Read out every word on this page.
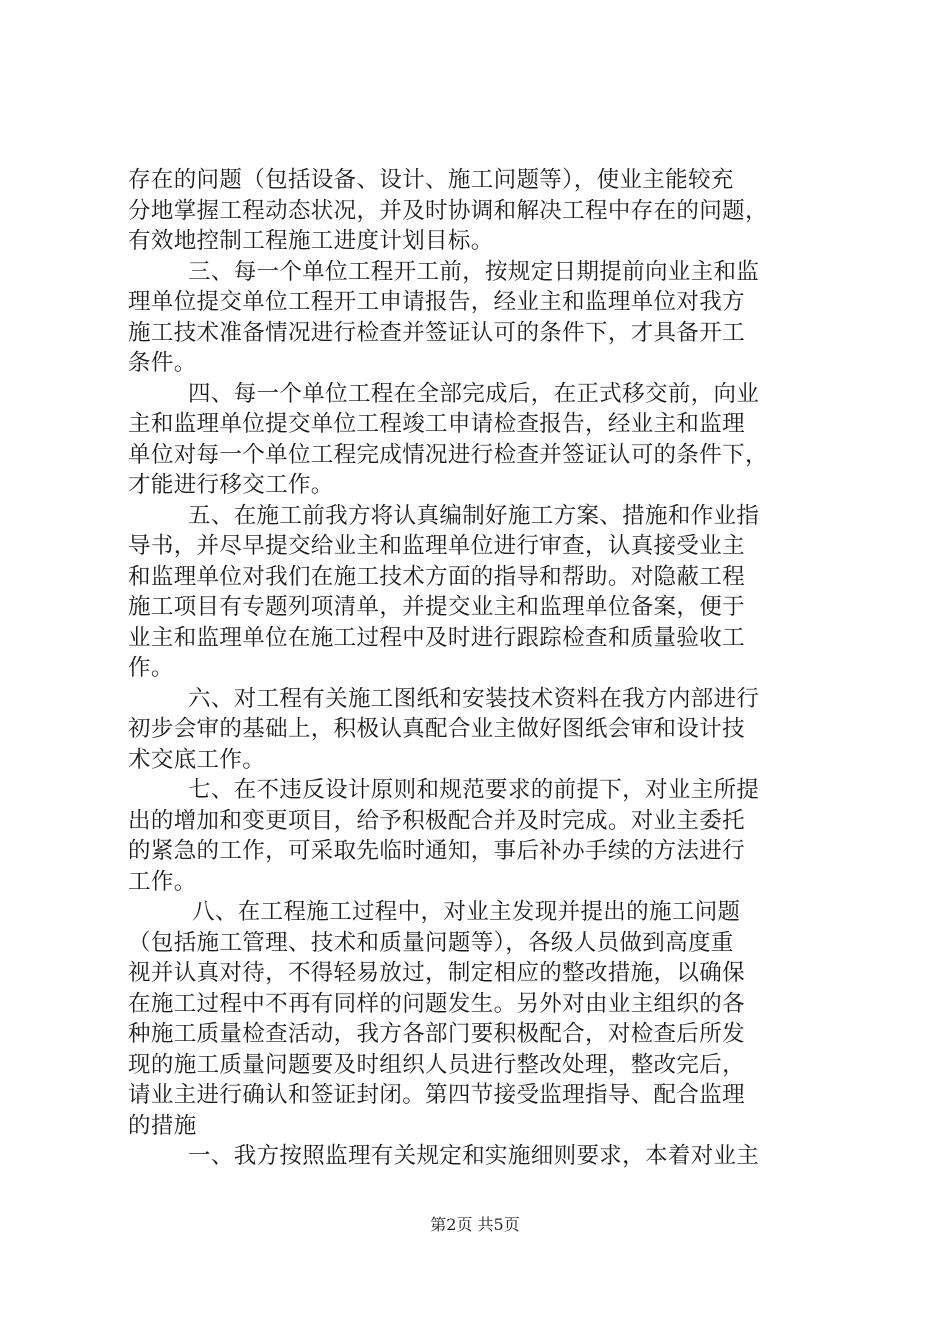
存在的问题（包括设备、设计、施工问题等），使业主能较充
分地掌握工程动态状况，并及时协调和解决工程中存在的问题，
有效地控制工程施工进度计划目标。
三、每一个单位工程开工前，按规定日期提前向业主和监
理单位提交单位工程开工申请报告，经业主和监理单位对我方
施工技术准备情况进行检查并签证认可的条件下，才具备开工
条件。
四、每一个单位工程在全部完成后，在正式移交前，向业
主和监理单位提交单位工程竣工申请检查报告，经业主和监理
单位对每一个单位工程完成情况进行检查并签证认可的条件下，
才能进行移交工作。
五、在施工前我方将认真编制好施工方案、措施和作业指
导书，并尽早提交给业主和监理单位进行审查，认真接受业主
和监理单位对我们在施工技术方面的指导和帮助。对隐蔽工程
施工项目有专题列项清单，并提交业主和监理单位备案，便于
业主和监理单位在施工过程中及时进行跟踪检查和质量验收工
作。
六、对工程有关施工图纸和安装技术资料在我方内部进行
初步会审的基础上，积极认真配合业主做好图纸会审和设计技
术交底工作。
七、在不违反设计原则和规范要求的前提下，对业主所提
出的增加和变更项目，给予积极配合并及时完成。对业主委托
的紧急的工作，可采取先临时通知，事后补办手续的方法进行
工作。
八、在工程施工过程中，对业主发现并提出的施工问题
（包括施工管理、技术和质量问题等），各级人员做到高度重
视并认真对待，不得轻易放过，制定相应的整改措施，以确保
在施工过程中不再有同样的问题发生。另外对由业主组织的各
种施工质量检查活动，我方各部门要积极配合，对检查后所发
现的施工质量问题要及时组织人员进行整改处理，整改完后，
请业主进行确认和签证封闭。第四节接受监理指导、配合监理
的措施
一、我方按照监理有关规定和实施细则要求，本着对业主
第2页 共5页
